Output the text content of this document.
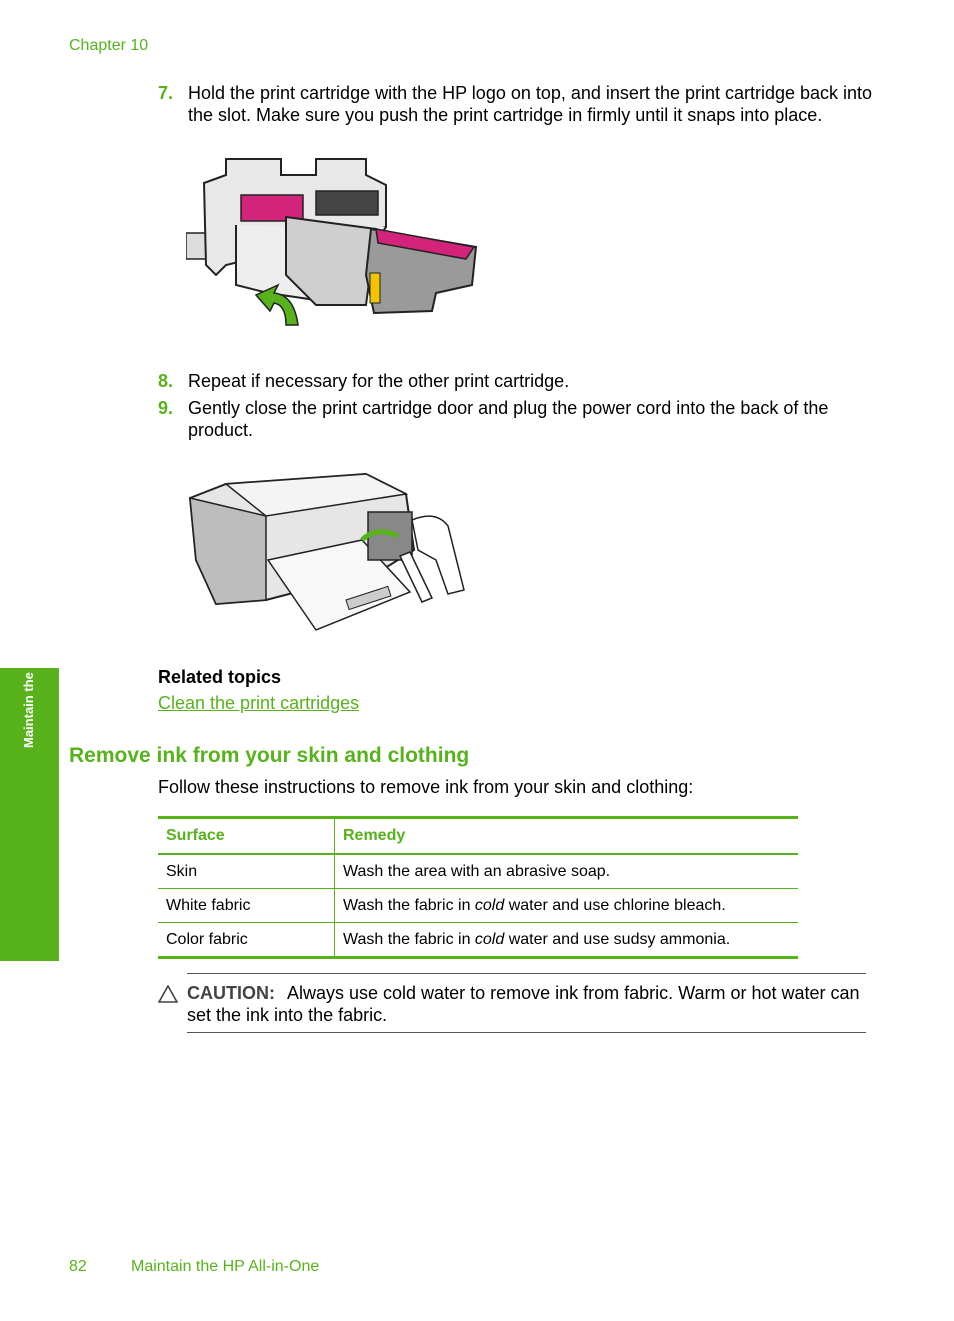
Chapter 10
7. Hold the print cartridge with the HP logo on top, and insert the print cartridge back into the slot. Make sure you push the print cartridge in firmly until it snaps into place.
8. Repeat if necessary for the other print cartridge.
9. Gently close the print cartridge door and plug the power cord into the back of the product.
Related topics
Clean the print cartridges
Remove ink from your skin and clothing
Follow these instructions to remove ink from your skin and clothing:
Surface	Remedy
Skin	Wash the area with an abrasive soap.
White fabric	Wash the fabric in cold water and use chlorine bleach.
Color fabric	Wash the fabric in cold water and use sudsy ammonia.
CAUTION: Always use cold water to remove ink from fabric. Warm or hot water can set the ink into the fabric.
Maintain the HP All-in-One
82	Maintain the HP All-in-One
